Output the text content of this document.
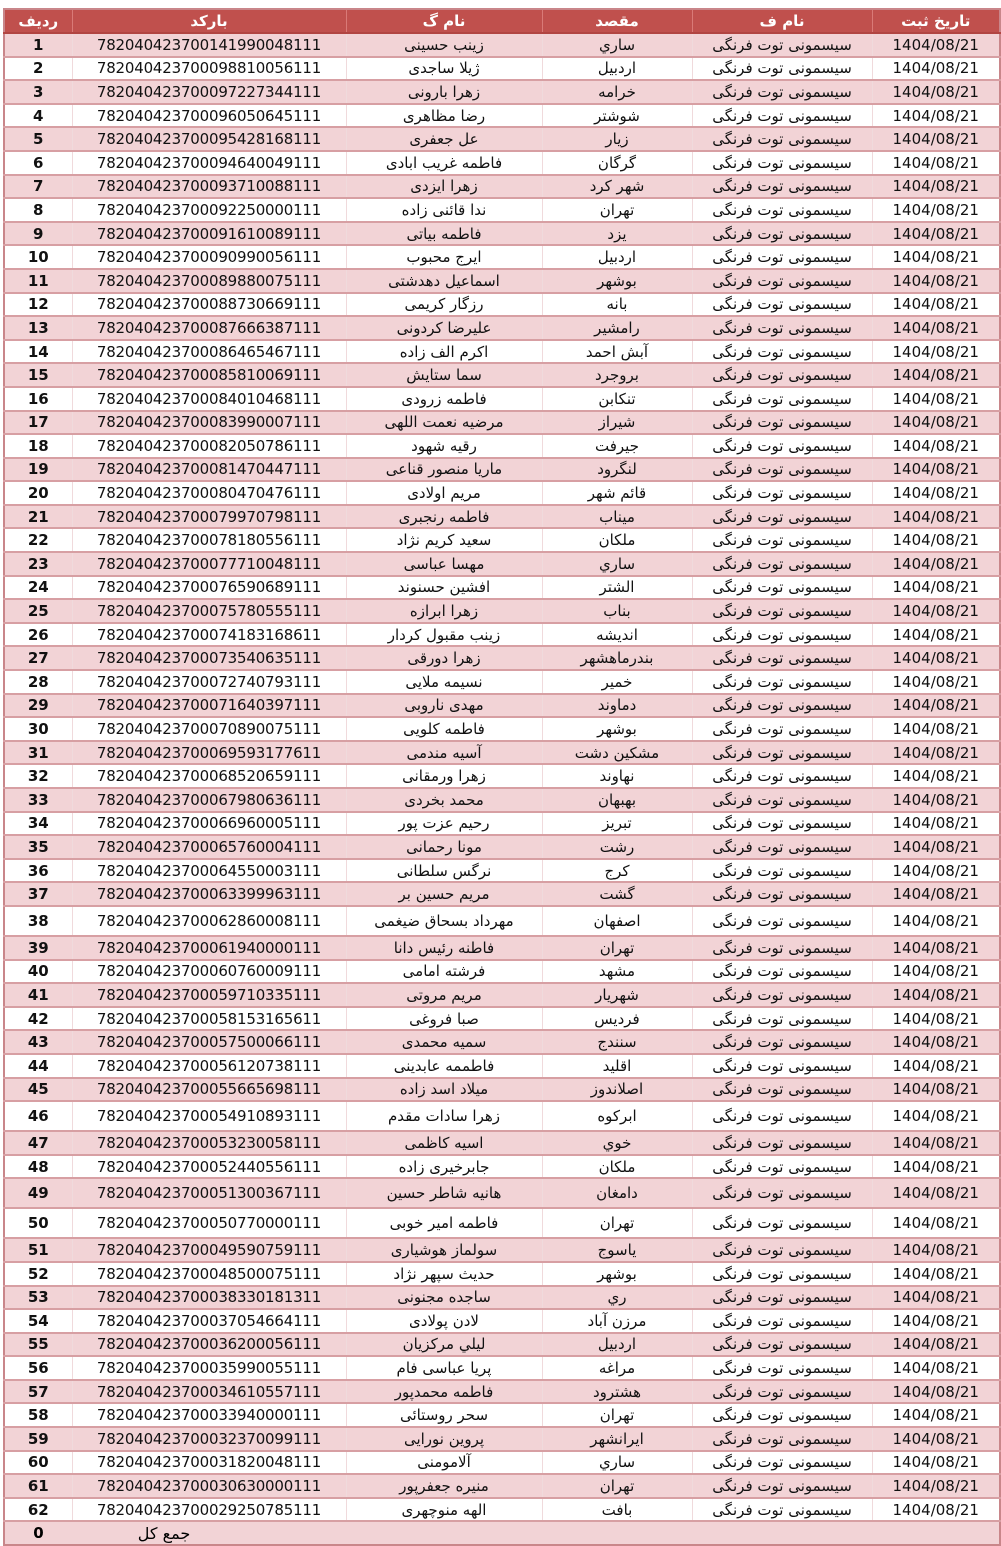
ردیف	بارکد	نام گ	مقصد	نام ف	تاریخ ثبت
1	782040423700141990048111	زینب حسینی	ساري	سیسمونی توت فرنگی	1404/08/21
2	782040423700098810056111	ژیلا ساجدی	اردبیل	سیسمونی توت فرنگی	1404/08/21
3	782040423700097227344111	زهرا بارونی	خرامه	سیسمونی توت فرنگی	1404/08/21
4	782040423700096050645111	رضا مظاهری	شوشتر	سیسمونی توت فرنگی	1404/08/21
5	782040423700095428168111	عل جعفری	زیار	سیسمونی توت فرنگی	1404/08/21
6	782040423700094640049111	فاطمه غریب ابادی	گرگان	سیسمونی توت فرنگی	1404/08/21
7	782040423700093710088111	زهرا ایزدی	شهر کرد	سیسمونی توت فرنگی	1404/08/21
8	782040423700092250000111	ندا قائنی زاده	تهران	سیسمونی توت فرنگی	1404/08/21
9	782040423700091610089111	فاطمه بیاتی	یزد	سیسمونی توت فرنگی	1404/08/21
10	782040423700090990056111	ایرج محبوب	اردبیل	سیسمونی توت فرنگی	1404/08/21
11	782040423700089880075111	اسماعیل دهدشتی	بوشهر	سیسمونی توت فرنگی	1404/08/21
12	782040423700088730669111	رزگار کریمی	بانه	سیسمونی توت فرنگی	1404/08/21
13	782040423700087666387111	علیرضا کردونی	رامشیر	سیسمونی توت فرنگی	1404/08/21
14	782040423700086465467111	اکرم الف زاده	آبش احمد	سیسمونی توت فرنگی	1404/08/21
15	782040423700085810069111	سما ستایش	بروجرد	سیسمونی توت فرنگی	1404/08/21
16	782040423700084010468111	فاطمه زرودی	تنکابن	سیسمونی توت فرنگی	1404/08/21
17	782040423700083990007111	مرضیه نعمت اللهی	شیراز	سیسمونی توت فرنگی	1404/08/21
18	782040423700082050786111	رقیه شهود	جیرفت	سیسمونی توت فرنگی	1404/08/21
19	782040423700081470447111	ماریا منصور قناعی	لنگرود	سیسمونی توت فرنگی	1404/08/21
20	782040423700080470476111	مریم اولادی	قائم شهر	سیسمونی توت فرنگی	1404/08/21
21	782040423700079970798111	فاطمه رنجبری	میناب	سیسمونی توت فرنگی	1404/08/21
22	782040423700078180556111	سعید کریم نژاد	ملکان	سیسمونی توت فرنگی	1404/08/21
23	782040423700077710048111	مهسا عباسی	ساري	سیسمونی توت فرنگی	1404/08/21
24	782040423700076590689111	افشین حسنوند	الشتر	سیسمونی توت فرنگی	1404/08/21
25	782040423700075780555111	زهرا ابرازه	بناب	سیسمونی توت فرنگی	1404/08/21
26	782040423700074183168611	زینب مقبول کردار	اندیشه	سیسمونی توت فرنگی	1404/08/21
27	782040423700073540635111	زهرا دورقی	بندرماهشهر	سیسمونی توت فرنگی	1404/08/21
28	782040423700072740793111	نسیمه ملایی	خمیر	سیسمونی توت فرنگی	1404/08/21
29	782040423700071640397111	مهدی ناروبی	دماوند	سیسمونی توت فرنگی	1404/08/21
30	782040423700070890075111	فاطمه کلویی	بوشهر	سیسمونی توت فرنگی	1404/08/21
31	782040423700069593177611	آسیه مندمی	مشکین دشت	سیسمونی توت فرنگی	1404/08/21
32	782040423700068520659111	زهرا ورمقانی	نهاوند	سیسمونی توت فرنگی	1404/08/21
33	782040423700067980636111	محمد بخردی	بهبهان	سیسمونی توت فرنگی	1404/08/21
34	782040423700066960005111	رحیم عزت پور	تبریز	سیسمونی توت فرنگی	1404/08/21
35	782040423700065760004111	مونا رحمانی	رشت	سیسمونی توت فرنگی	1404/08/21
36	782040423700064550003111	نرگس سلطانی	کرج	سیسمونی توت فرنگی	1404/08/21
37	782040423700063399963111	مریم حسین بر	گشت	سیسمونی توت فرنگی	1404/08/21
38	782040423700062860008111	مهرداد بسحاق ضیغمی	اصفهان	سیسمونی توت فرنگی	1404/08/21
39	782040423700061940000111	فاطنه رئیس دانا	تهران	سیسمونی توت فرنگی	1404/08/21
40	782040423700060760009111	فرشته امامی	مشهد	سیسمونی توت فرنگی	1404/08/21
41	782040423700059710335111	مریم مروتی	شهریار	سیسمونی توت فرنگی	1404/08/21
42	782040423700058153165611	صبا فروغی	فردیس	سیسمونی توت فرنگی	1404/08/21
43	782040423700057500066111	سمیه محمدی	سنندج	سیسمونی توت فرنگی	1404/08/21
44	782040423700056120738111	فاطممه عابدینی	اقلید	سیسمونی توت فرنگی	1404/08/21
45	782040423700055665698111	میلاد اسد زاده	اصلاندوز	سیسمونی توت فرنگی	1404/08/21
46	782040423700054910893111	زهرا سادات مقدم	ابرکوه	سیسمونی توت فرنگی	1404/08/21
47	782040423700053230058111	اسیه کاظمی	خوي	سیسمونی توت فرنگی	1404/08/21
48	782040423700052440556111	جابرخیری زاده	ملکان	سیسمونی توت فرنگی	1404/08/21
49	782040423700051300367111	هانیه شاطر حسین	دامغان	سیسمونی توت فرنگی	1404/08/21
50	782040423700050770000111	فاطمه امیر خوبی	تهران	سیسمونی توت فرنگی	1404/08/21
51	782040423700049590759111	سولماز هوشیاری	یاسوج	سیسمونی توت فرنگی	1404/08/21
52	782040423700048500075111	حدیث سپهر نژاد	بوشهر	سیسمونی توت فرنگی	1404/08/21
53	782040423700038330181311	ساجده مجنونی	ري	سیسمونی توت فرنگی	1404/08/21
54	782040423700037054664111	لادن پولادی	مرزن آباد	سیسمونی توت فرنگی	1404/08/21
55	782040423700036200056111	لیلي مرکزیان	اردبیل	سیسمونی توت فرنگی	1404/08/21
56	782040423700035990055111	پریا عباسی فام	مراغه	سیسمونی توت فرنگی	1404/08/21
57	782040423700034610557111	فاطمه محمدپور	هشترود	سیسمونی توت فرنگی	1404/08/21
58	782040423700033940000111	سحر روستائی	تهران	سیسمونی توت فرنگی	1404/08/21
59	782040423700032370099111	پروین نورایی	ایرانشهر	سیسمونی توت فرنگی	1404/08/21
60	782040423700031820048111	آلامومنی	ساري	سیسمونی توت فرنگی	1404/08/21
61	782040423700030630000111	منیره جعفرپور	تهران	سیسمونی توت فرنگی	1404/08/21
62	782040423700029250785111	الهه منوچهری	بافت	سیسمونی توت فرنگی	1404/08/21
0	جمع کل				
